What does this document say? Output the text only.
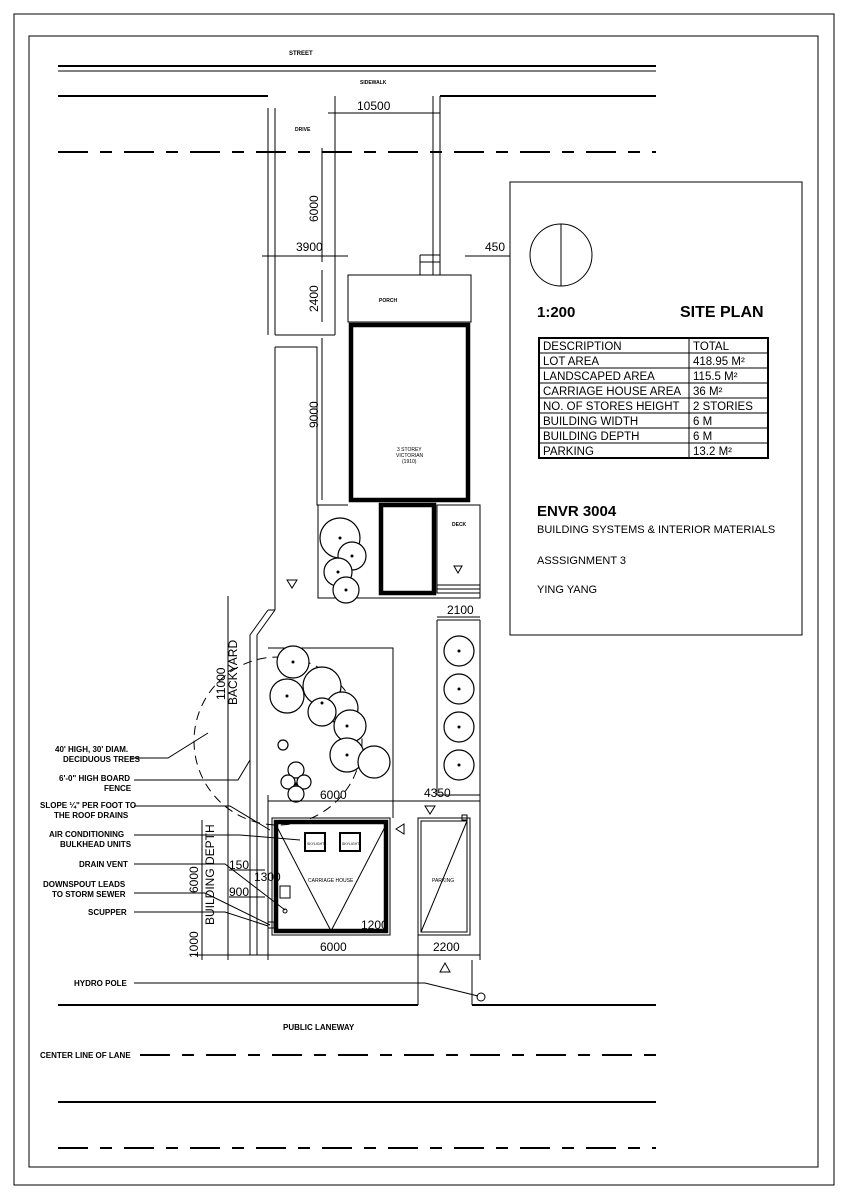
STREET
SIDEWALK
DRIVE
10500
6000
3900	450
2400	PORCH
3 STOREY
VICTORIAN
(1910)
9000
DECK
2100
11000
BACKYARD
6000	4350
SKYLIGHT	SKYLIGHT
CARRIAGE HOUSE	PARKING
6000 BUILDING DEPTH
1000
150
1300
900
1200
6000	2200
PUBLIC LANEWAY
40' HIGH, 30' DIAM.
DECIDUOUS TREES
6'-0" HIGH BOARD
FENCE
SLOPE ¼" PER FOOT TO
THE ROOF DRAINS
AIR CONDITIONING
BULKHEAD UNITS
DRAIN VENT
DOWNSPOUT LEADS
TO STORM SEWER
SCUPPER
HYDRO POLE
CENTER LINE OF LANE
1:200	SITE PLAN
DESCRIPTION	TOTAL
LOT AREA	418.95 M²
LANDSCAPED AREA	115.5 M²
CARRIAGE HOUSE AREA 36 M²
NO. OF STORES HEIGHT 2 STORIES
BUILDING WIDTH	6 M
BUILDING DEPTH	6 M
PARKING	13.2 M²
ENVR 3004
BUILDING SYSTEMS & INTERIOR MATERIALS
ASSSIGNMENT 3
YING YANG
